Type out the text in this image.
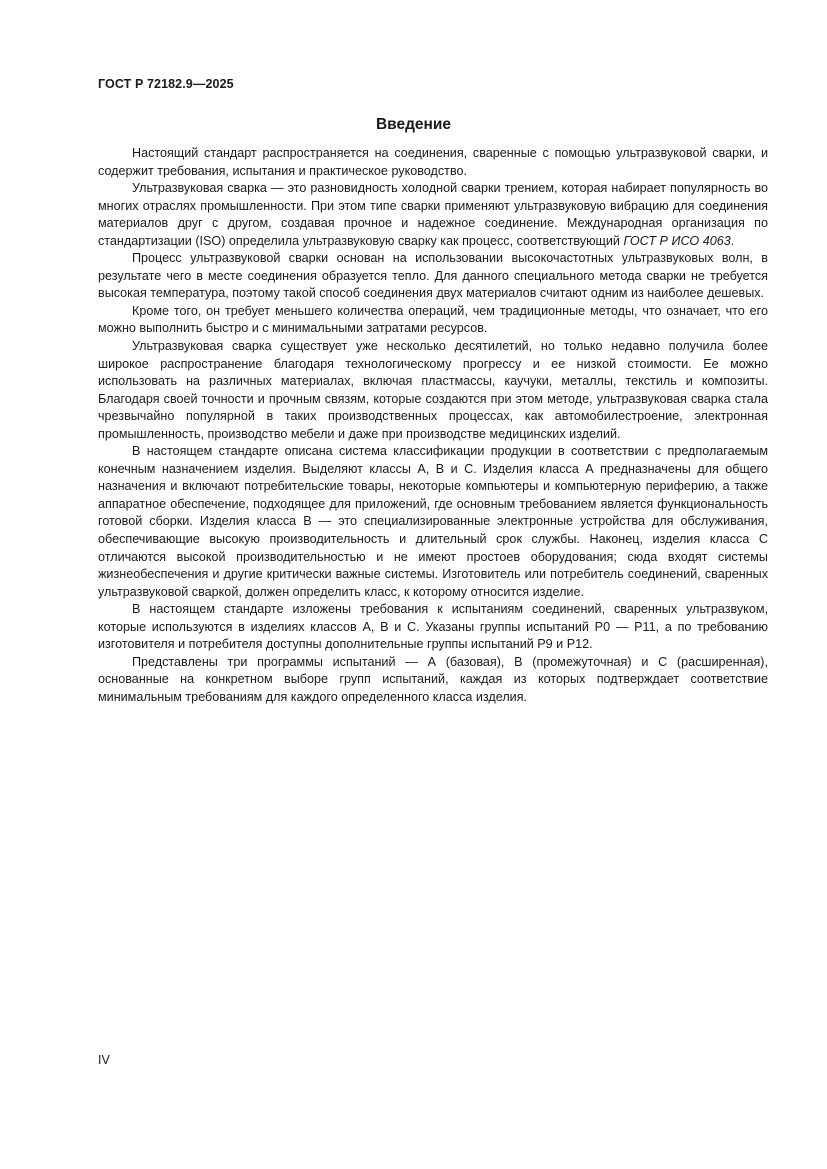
ГОСТ Р 72182.9—2025
Введение

Настоящий стандарт распространяется на соединения, сваренные с помощью ультразвуковой сварки, и содержит требования, испытания и практическое руководство.

Ультразвуковая сварка — это разновидность холодной сварки трением, которая набирает популярность во многих отраслях промышленности. При этом типе сварки применяют ультразвуковую вибрацию для соединения материалов друг с другом, создавая прочное и надежное соединение. Международная организация по стандартизации (ISO) определила ультразвуковую сварку как процесс, соответствующий ГОСТ Р ИСО 4063.

Процесс ультразвуковой сварки основан на использовании высокочастотных ультразвуковых волн, в результате чего в месте соединения образуется тепло. Для данного специального метода сварки не требуется высокая температура, поэтому такой способ соединения двух материалов считают одним из наиболее дешевых.

Кроме того, он требует меньшего количества операций, чем традиционные методы, что означает, что его можно выполнить быстро и с минимальными затратами ресурсов.

Ультразвуковая сварка существует уже несколько десятилетий, но только недавно получила более широкое распространение благодаря технологическому прогрессу и ее низкой стоимости. Ее можно использовать на различных материалах, включая пластмассы, каучуки, металлы, текстиль и композиты. Благодаря своей точности и прочным связям, которые создаются при этом методе, ультразвуковая сварка стала чрезвычайно популярной в таких производственных процессах, как автомобилестроение, электронная промышленность, производство мебели и даже при производстве медицинских изделий.

В настоящем стандарте описана система классификации продукции в соответствии с предполагаемым конечным назначением изделия. Выделяют классы А, В и С. Изделия класса А предназначены для общего назначения и включают потребительские товары, некоторые компьютеры и компьютерную периферию, а также аппаратное обеспечение, подходящее для приложений, где основным требованием является функциональность готовой сборки. Изделия класса В — это специализированные электронные устройства для обслуживания, обеспечивающие высокую производительность и длительный срок службы. Наконец, изделия класса С отличаются высокой производительностью и не имеют простоев оборудования; сюда входят системы жизнеобеспечения и другие критически важные системы. Изготовитель или потребитель соединений, сваренных ультразвуковой сваркой, должен определить класс, к которому относится изделие.

В настоящем стандарте изложены требования к испытаниям соединений, сваренных ультразвуком, которые используются в изделиях классов А, В и С. Указаны группы испытаний Р0 — Р11, а по требованию изготовителя и потребителя доступны дополнительные группы испытаний Р9 и Р12.

Представлены три программы испытаний — А (базовая), В (промежуточная) и С (расширенная), основанные на конкретном выборе групп испытаний, каждая из которых подтверждает соответствие минимальным требованиям для каждого определенного класса изделия.

IV
